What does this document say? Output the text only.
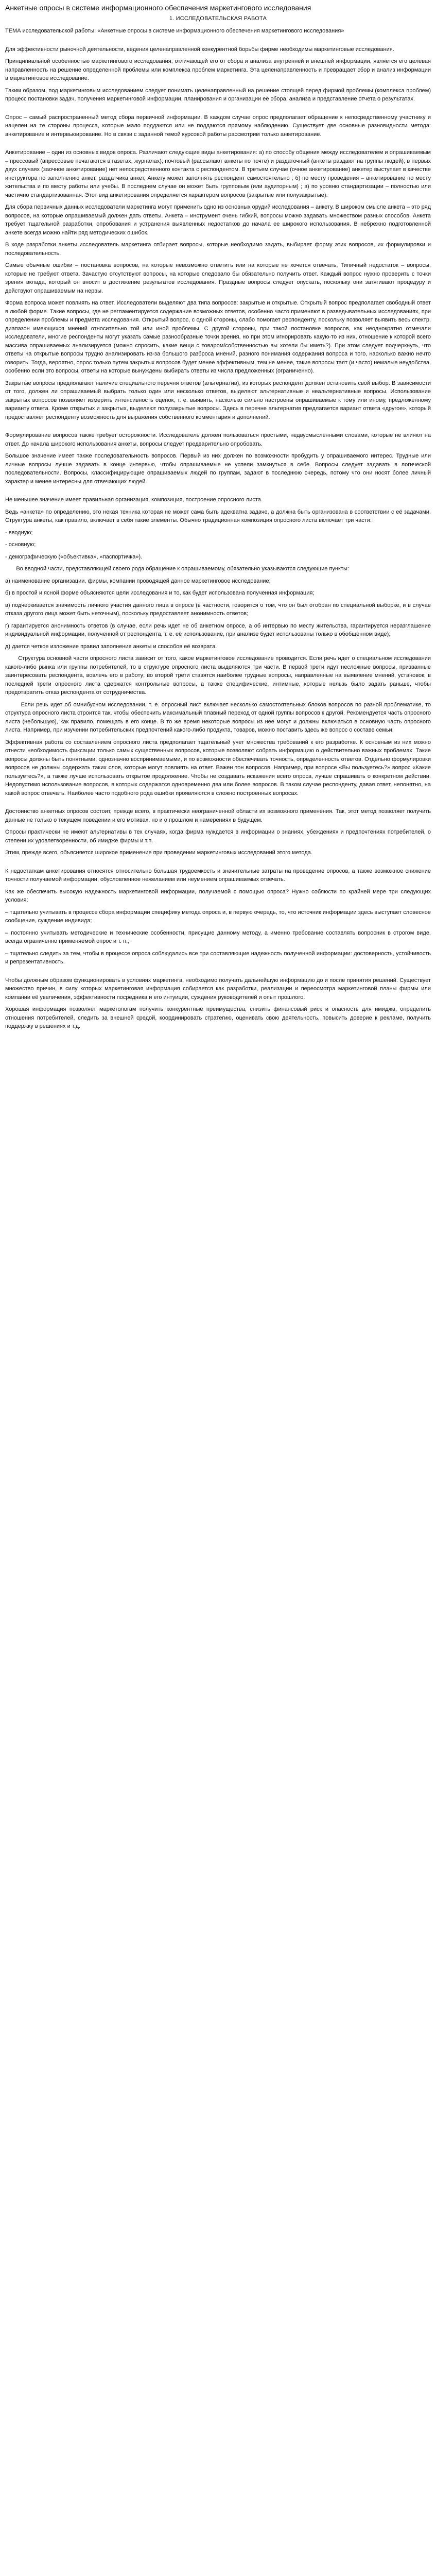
Анкетные опросы в системе информационного обеспечения маркетингового исследования
1. ИССЛЕДОВАТЕЛЬСКАЯ РАБОТА

ТЕМА исследовательской работы: «Анкетные опросы в системе информационного обеспечения маркетингового исследования»

Для эффективности рыночной деятельности, ведения целенаправленной конкурентной борьбы фирме необходимы маркетинговые исследования.

Принципиальной особенностью маркетингового исследования, отличающей его от сбора и анализа внутренней и внешней информации, является его целевая направленность на решение определенной проблемы или комплекса проблем маркетинга. Эта целенаправленность и превращает сбор и анализ информации в маркетинговое исследование.

Таким образом, под маркетинговым исследованием следует понимать целенаправленный на решение стоящей перед фирмой проблемы (комплекса проблем) процесс постановки задач, получения маркетинговой информации, планирования и организации её сбора, анализа и представление отчета о результатах.

Опрос – самый распространенный метод сбора первичной информации. В каждом случае опрос предполагает обращение к непосредственному участнику и нацелен на те стороны процесса, которые мало поддаются или не поддаются прямому наблюдению. Существует две основные разновидности метода: анкетирование и интервьюирование. Но в связи с заданной темой курсовой работы рассмотрим только анкетирование.

Анкетирование – один из основных видов опроса. Различают следующие виды анкетирования: а) по способу общения между исследователем и опрашиваемым – прессовый (апрессовые печатаются в газетах, журналах); почтовый (рассылают анкеты по почте) и раздаточный (анкеты раздают на группы людей); в первых двух случаях (заочное анкетирование) нет непосредственного контакта с респондентом. В третьем случае (очное анкетирование) анкетер выступает в качестве инструктора по заполнению анкет, раздатчика анкет, Анкету может заполнять респондент самостоятельно ; б) по месту проведения – анкетирование по месту жительства и по месту работы или учебы. В последнем случае он может быть групповым (или аудиторным) ; в) по уровню стандартизации – полностью или частично стандартизованная. Этот вид анкетирования определяется характером вопросов (закрытые или полузакрытые).

Для сбора первичных данных исследователи маркетинга могут применить одно из основных орудий исследования – анкету. В широком смысле анкета – это ряд вопросов, на которые опрашиваемый должен дать ответы. Анкета – инструмент очень гибкий, вопросы можно задавать множеством разных способов. Анкета требует тщательной разработки, опробования и устранения выявленных недостатков до начала ее широкого использования. В небрежно подготовленной анкете всегда можно найти ряд методических ошибок.

В ходе разработки анкеты исследователь маркетинга отбирает вопросы, которые необходимо задать, выбирает форму этих вопросов, их формулировки и последовательность.

Самые обычные ошибки – постановка вопросов, на которые невозможно ответить или на которые не хочется отвечать, Типичный недостаток – вопросы, которые не требуют ответа. Зачастую отсутствуют вопросы, на которые следовало бы обязательно получить ответ. Каждый вопрос нужно проверить с точки зрения вклада, который он вносит в достижение результатов исследования. Праздные вопросы следует опускать, поскольку они затягивают процедуру и действуют опрашиваемым на нервы.

Форма вопроса может повлиять на ответ. Исследователи выделяют два типа вопросов: закрытые и открытые. Открытый вопрос предполагает свободный ответ в любой форме. Такие вопросы, где не регламентируется содержание возможных ответов, особенно часто применяют в разведывательных исследованиях, при определении проблемы и предмета исследования. Открытый вопрос, с одной стороны, слабо помогает респонденту, поскольку позволяет выявить весь спектр, диапазон имеющихся мнений относительно той или иной проблемы. С другой стороны, при такой постановке вопросов, как неоднократно отмечали исследователи, многие респонденты могут указать самые разнообразные точки зрения, но при этом игнорировать какую-то из них, отношение к которой всего массива опрашиваемых анализируется (можно спросить, какие вещи с товаром/собственностью вы хотели бы иметь?). При этом следует подчеркнуть, что ответы на открытые вопросы трудно анализировать из-за большого разброса мнений, разного понимания содержания вопроса и того, насколько важно нечто говорить. Тогда, вероятно, опрос только путем закрытых вопросов будет менее эффективным, тем не менее, такие вопросы таят (и часто) немалые неудобства, особенно если это вопросы, ответы на которые вынуждены выбирать ответы из числа предложенных (ограниченно).

Закрытые вопросы предполагают наличие специального перечня ответов (альтернатив), из которых респондент должен остановить свой выбор. В зависимости от того, должен ли опрашиваемый выбрать только один или несколько ответов, выделяют альтернативные и неальтернативные вопросы. Использование закрытых вопросов позволяет измерить интенсивность оценок, т. е. выявить, насколько сильно настроены опрашиваемые к тому или иному, предложенному варианту ответа. Кроме открытых и закрытых, выделяют полузакрытые вопросы. Здесь в перечне альтернатив предлагается вариант ответа «другое», который предоставляет респонденту возможность для выражения собственного комментария и дополнений.

Формулирование вопросов также требует осторожности. Исследователь должен пользоваться простыми, недвусмысленными словами, которые не влияют на ответ. До начала широкого использования анкеты, вопросы следует предварительно опробовать.

Большое значение имеет также последовательность вопросов. Первый из них должен по возможности пробудить у опрашиваемого интерес. Трудные или личные вопросы лучше задавать в конце интервью, чтобы опрашиваемые не успели замкнуться в себе. Вопросы следует задавать в логической последовательности. Вопросы, классифицирующие опрашиваемых людей по группам, задают в последнюю очередь, потому что они носят более личный характер и менее интересны для отвечающих людей.

Не меньшее значение имеет правильная организация, композиция, построение опросного листа.

Ведь «анкета» по определению, это некая техника которая не может сама быть адекватна задаче, а должна быть организована в соответствии с её задачами. Структура анкеты, как правило, включает в себя такие элементы. Обычно традиционная композиция опросного листа включает три части:

- вводную;

- основную;

- демографическую («объективка», «паспортичка»).

Во вводной части, представляющей своего рода обращение к опрашиваемому, обязательно указываются следующие пункты:

а) наименование организации, фирмы, компании проводящей данное маркетинговое исследование;

б) в простой и ясной форме объясняются цели исследования и то, как будет использована полученная информация;

в) подчеркивается значимость личного участия данного лица в опросе (в частности, говорится о том, что он был отобран по специальной выборке, и в случае отказа другого лица может быть неточным), поскольку предоставляет анонимность ответов;

г) гарантируется анонимность ответов (в случае, если речь идет не об анкетном опросе, а об интервью по месту жительства, гарантируется неразглашение индивидуальной информации, полученной от респондента, т. е. её использование, при анализе будет использованы только в обобщенном виде);

д) дается четкое изложение правил заполнения анкеты и способов её возврата.

Структура основной части опросного листа зависит от того, какое маркетинговое исследование проводится. Если речь идет о специальном исследовании какого-либо рынка или группы потребителей, то в структуре опросного листа выделяются три части. В первой трети идут несложные вопросы, призванные заинтересовать респондента, вовлечь его в работу; во второй трети ставятся наиболее трудные вопросы, направленные на выявление мнений, установок; в последней трети опросного листа сдержатся контрольные вопросы, а также специфические, интимные, которые нельзь было задать раньше, чтобы предотвратить отказ респондента от сотрудничества.

Если речь идет об омнибусном исследовании, т. е. опросный лист включает несколько самостоятельных блоков вопросов по разной проблематике, то структура опросного листа строится так, чтобы обеспечить максимальный плавный переход от одной группы вопросов к другой. Рекомендуется часть опросного листа (небольшую), как правило, помещать в его конце. В то же время некоторые вопросы из нее могут и должны включаться в основную часть опросного листа. Например, при изучении потребительских предпочтений какого-либо продукта, товаров, можно поставить здесь же вопрос о составе семьи.

Эффективная работа со составлением опросного листа предполагает тщательный учет множества требований к его разработке. К основным из них можно отнести необходимость фиксации только самых существенных вопросов, которые позволяют собрать информацию о действительно важных проблемах. Такие вопросы должны быть понятными, однозначно воспринимаемыми, и по возможности обеспечивать точность, определенность ответов. Отдельно формулировки вопросов не должны содержать таких слов, которые могут повлиять на ответ. Важен тон вопросов. Например, при вопросе «Вы пользуетесь?» вопрос «Какие пользуетесь?», а также лучше использовать открытое продолжение. Чтобы не создавать искажения всего опроса, лучше спрашивать о конкретном действии. Недопустимо использование вопросов, в которых содержатся одновременно два или более вопросов. В таком случае респонденту, давая ответ, непонятно, на какой вопрос отвечать. Наиболее часто подобного рода ошибки проявляются в сложно построенных вопросах.

Достоинство анкетных опросов состоит, прежде всего, в практически неограниченной области их возможного применения. Так, этот метод позволяет получить данные не только о текущем поведении и его мотивах, но и о прошлом и намерениях в будущем.

Опросы практически не имеют альтернативы в тех случаях, когда фирма нуждается в информации о знаниях, убеждениях и предпочтениях потребителей, о степени их удовлетворенности, об имидже фирмы и т.п.

Этим, прежде всего, объясняется широкое применение при проведении маркетинговых исследований этого метода.

К недостаткам анкетирования относятся относительно большая трудоемкость и значительные затраты на проведение опросов, а также возможное снижение точности получаемой информации, обусловленное нежеланием или неумением опрашиваемых отвечать.

Как же обеспечить высокую надежность маркетинговой информации, получаемой с помощью опроса? Нужно соблюсти по крайней мере три следующих условия:

– тщательно учитывать в процессе сбора информации специфику метода опроса и, в первую очередь, то, что источник информации здесь выступает словесное сообщение, суждение индивида;

– постоянно учитывать методические и технические особенности, присущие данному методу, а именно требование составлять вопросник в строгом виде, всегда ограниченно применяемой опрос и т. п.;

– тщательно следить за тем, чтобы в процессе опроса соблюдались все три составляющие надежность полученной информации: достоверность, устойчивость и репрезентативность.

Чтобы должным образом функционировать в условиях маркетинга, необходимо получать дальнейшую информацию до и после принятия решений. Существует множество причин, в силу которых маркетинговая информация собирается как разработки, реализации и переосмотра маркетинговой планы фирмы или компании её увеличения, эффективности посредника и его интуиции, суждения руководителей и опыт прошлого.

Хорошая информация позволяет маркетологам получить конкурентные преимущества, снизить финансовый риск и опасность для имиджа, определить отношения потребителей, следить за внешней средой, координировать стратегию, оценивать свою деятельность, повысить доверие к рекламе, получить поддержку в решениях и т.д.
